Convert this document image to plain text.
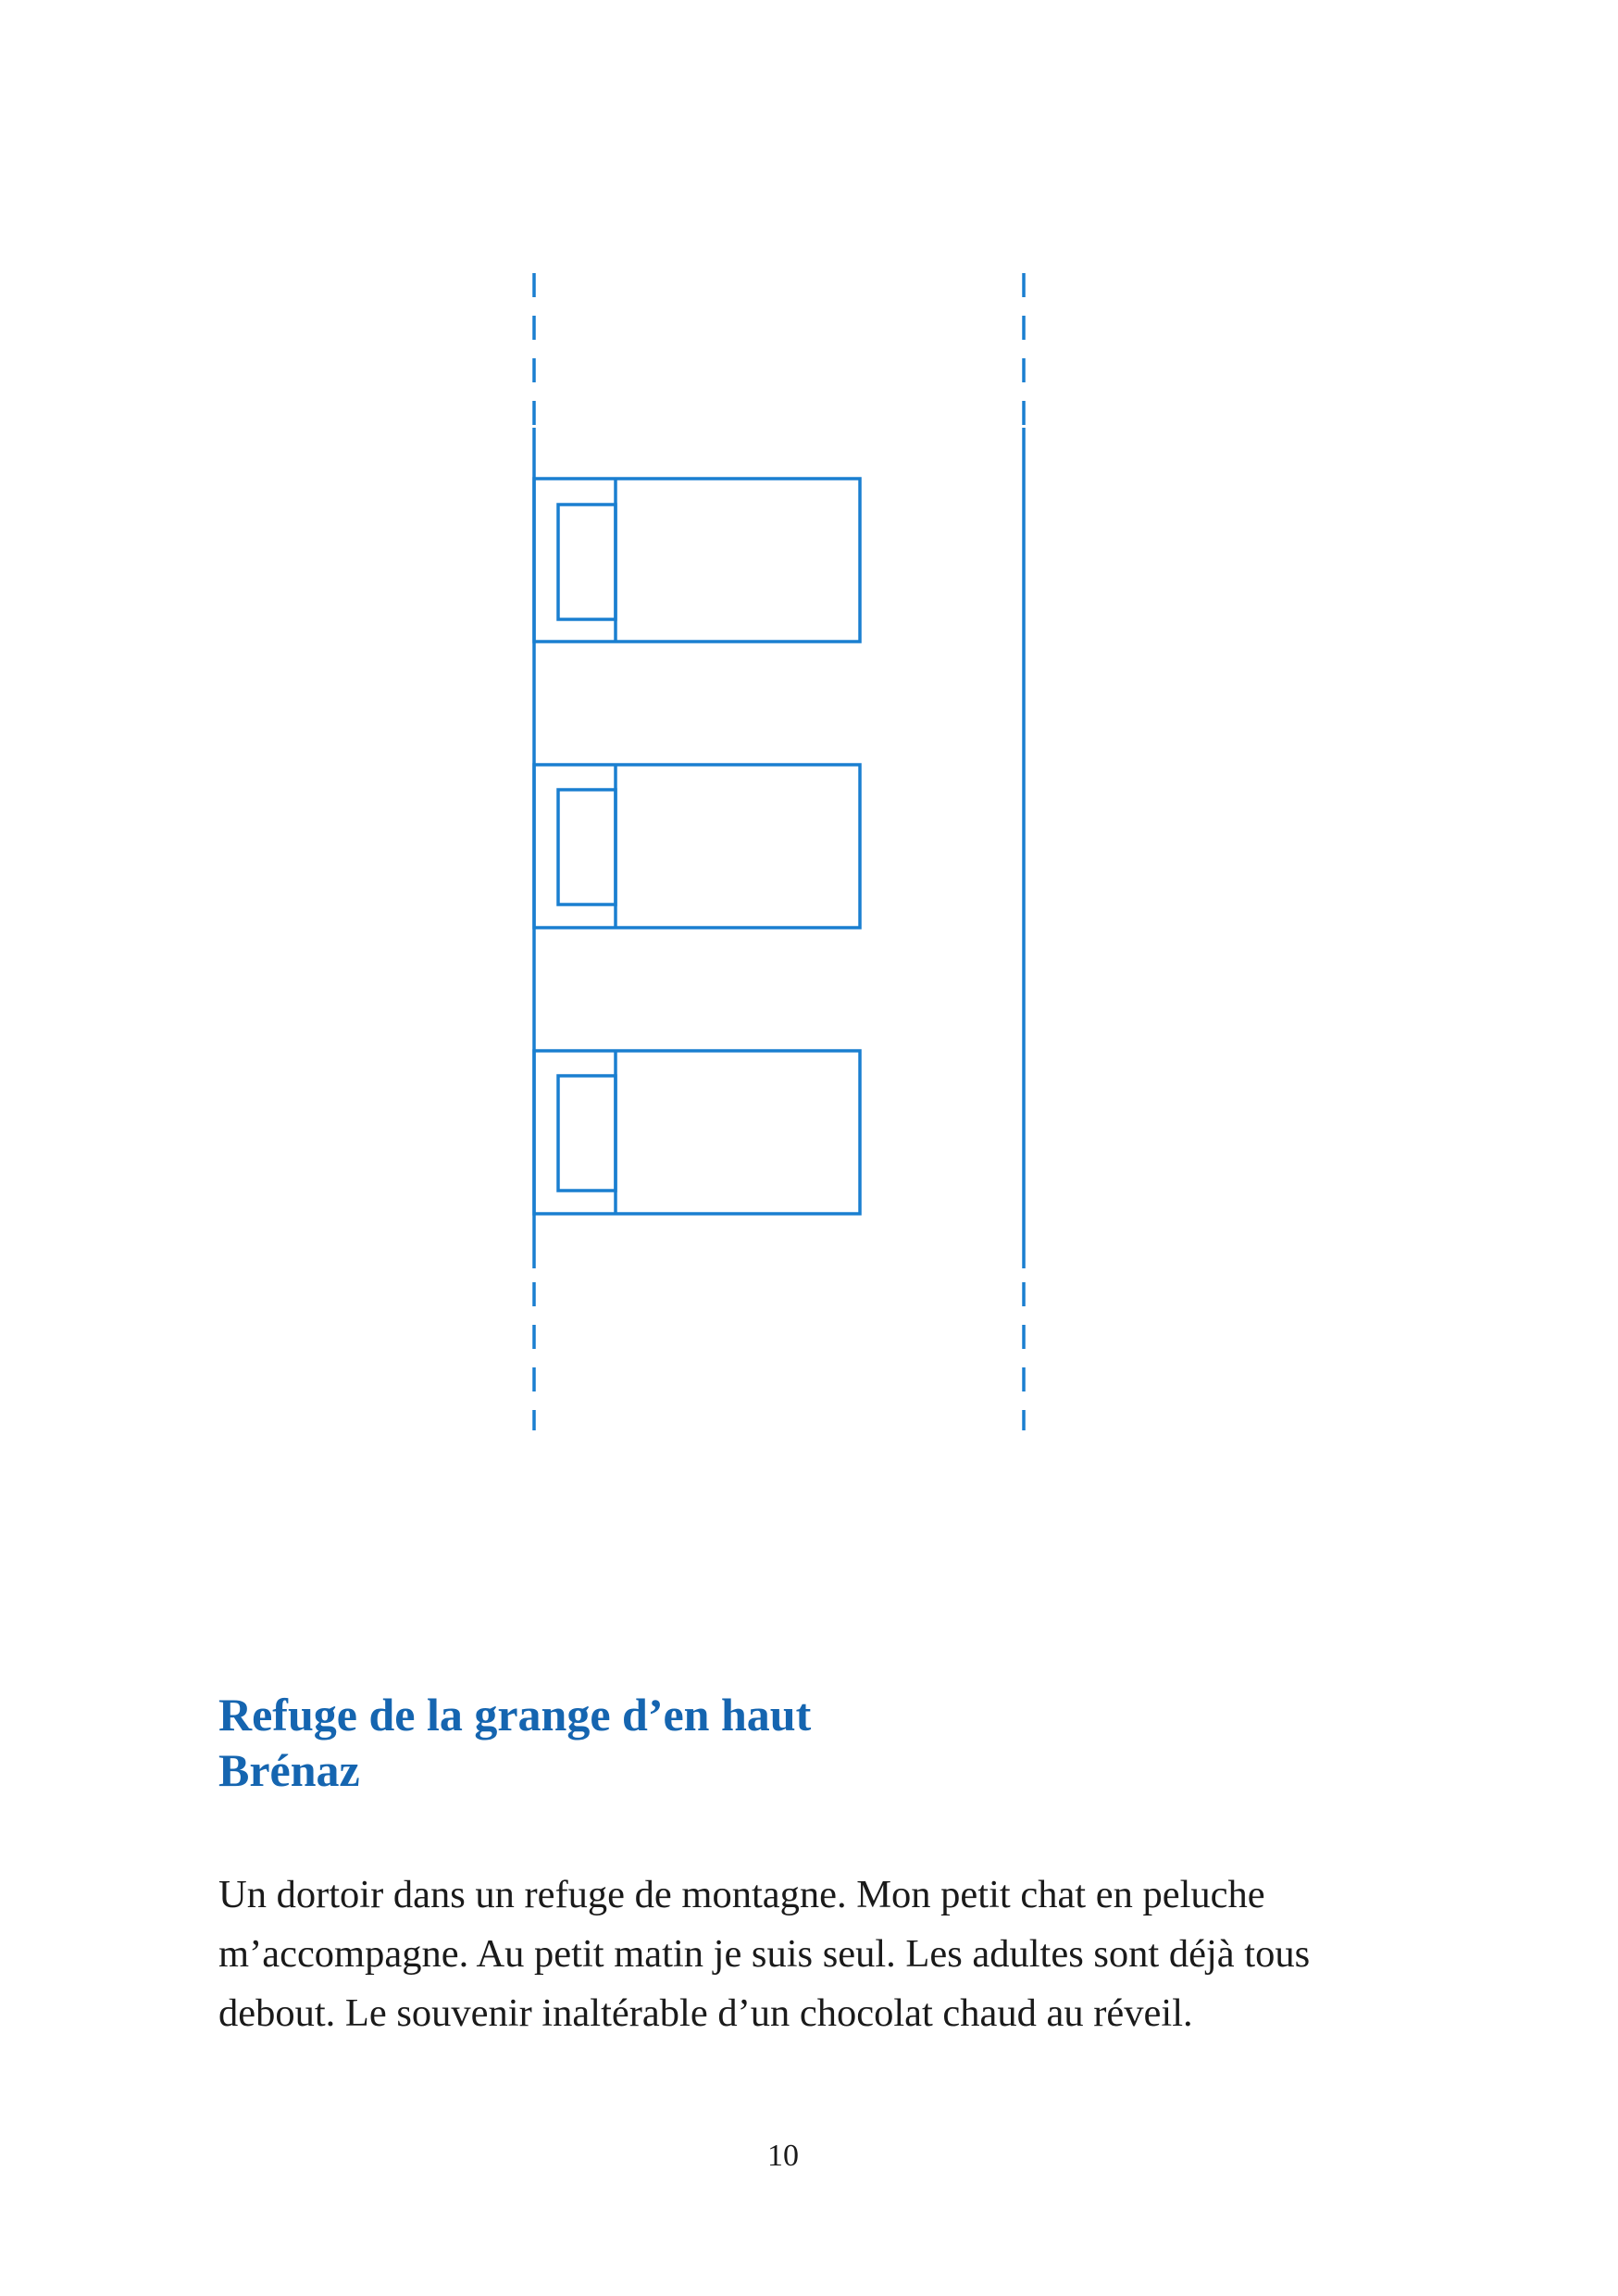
Refuge de la grange d’en haut
Brénaz

Un dortoir dans un refuge de montagne. Mon petit chat en peluche
m’accompagne. Au petit matin je suis seul. Les adultes sont déjà tous
debout. Le souvenir inaltérable d’un chocolat chaud au réveil.

10
